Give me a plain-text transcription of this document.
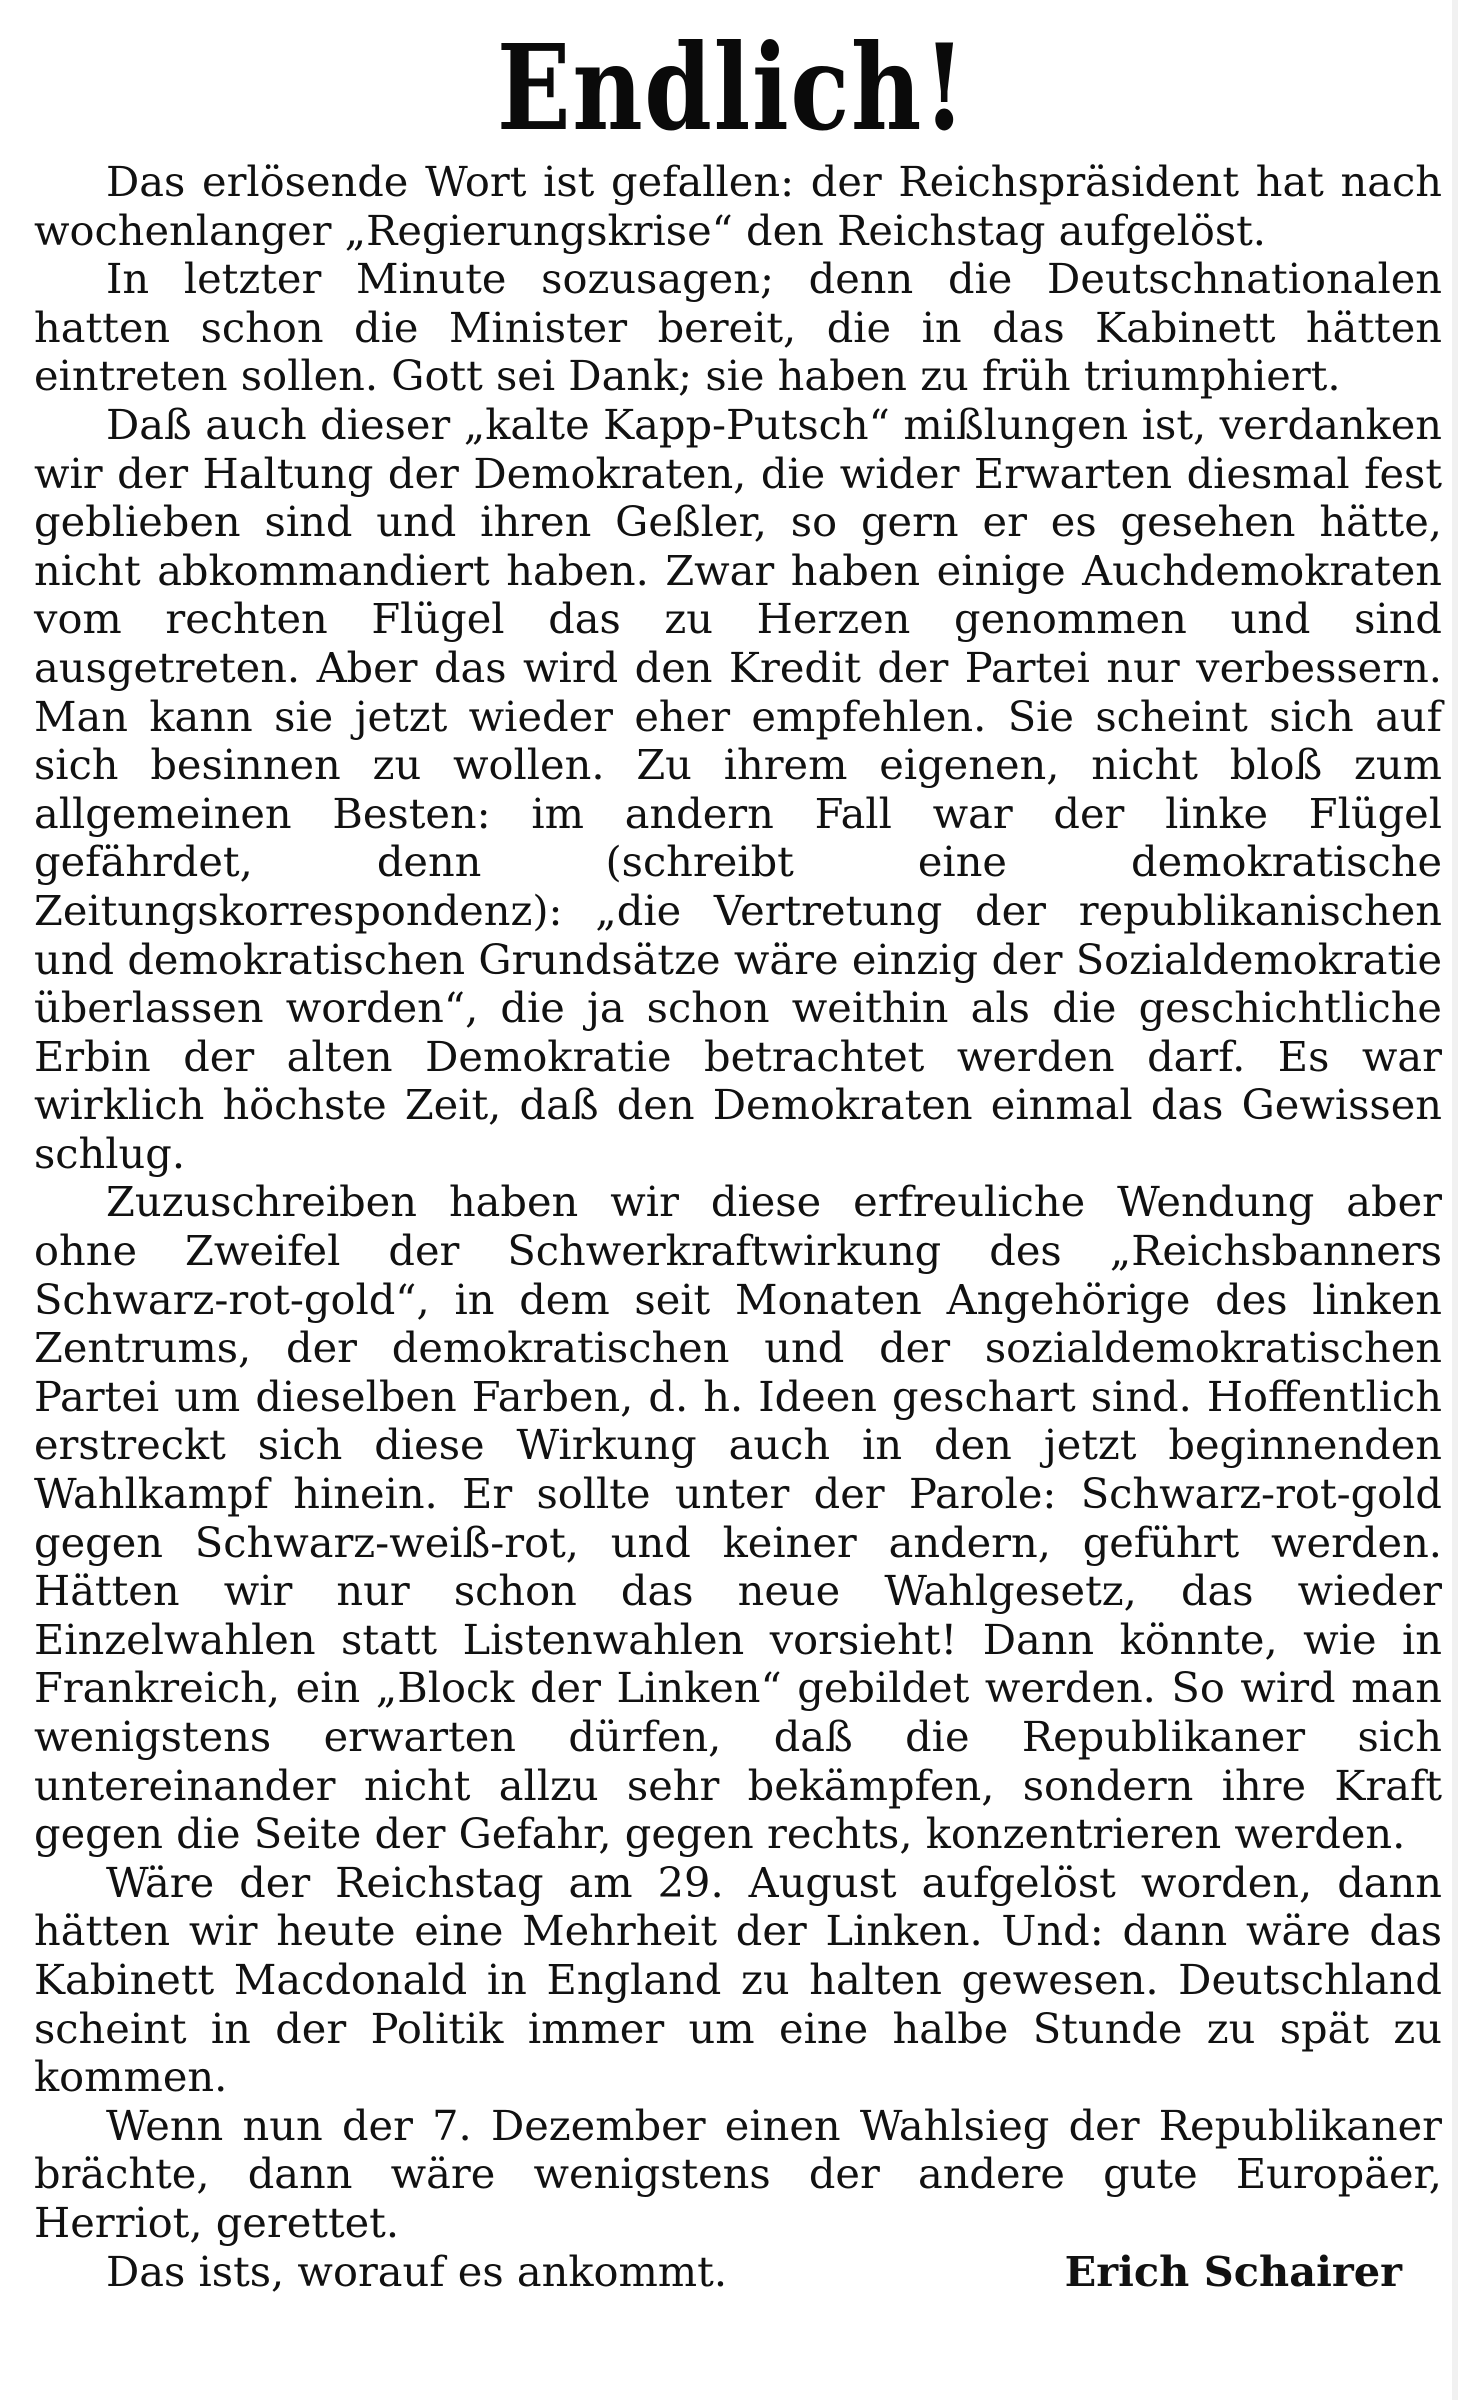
Endlich!

Das erlösende Wort ist gefallen: der Reichspräsident hat nach wochenlanger „Regierungskrise“ den Reichstag aufgelöst.

In letzter Minute sozusagen; denn die Deutschnationalen hatten schon die Minister bereit, die in das Kabinett hätten eintreten sollen. Gott sei Dank; sie haben zu früh triumphiert.

Daß auch dieser „kalte Kapp-Putsch“ mißlungen ist, verdanken wir der Haltung der Demokraten, die wider Erwarten diesmal fest geblieben sind und ihren Geßler, so gern er es gesehen hätte, nicht abkommandiert haben. Zwar haben einige Auchdemokraten vom rechten Flügel das zu Herzen genommen und sind ausgetreten. Aber das wird den Kredit der Partei nur verbessern. Man kann sie jetzt wieder eher empfehlen. Sie scheint sich auf sich besinnen zu wollen. Zu ihrem eigenen, nicht bloß zum allgemeinen Besten: im andern Fall war der linke Flügel gefährdet, denn (schreibt eine demokratische Zeitungskorrespondenz): „die Vertretung der republikanischen und demokratischen Grundsätze wäre einzig der Sozialdemokratie überlassen worden“, die ja schon weithin als die geschichtliche Erbin der alten Demokratie betrachtet werden darf. Es war wirklich höchste Zeit, daß den Demokraten einmal das Gewissen schlug.

Zuzuschreiben haben wir diese erfreuliche Wendung aber ohne Zweifel der Schwerkraftwirkung des „Reichsbanners Schwarz-rot-gold“, in dem seit Monaten Angehörige des linken Zentrums, der demokratischen und der sozialdemokratischen Partei um dieselben Farben, d. h. Ideen geschart sind. Hoffentlich erstreckt sich diese Wirkung auch in den jetzt beginnenden Wahlkampf hinein. Er sollte unter der Parole: Schwarz-rot-gold gegen Schwarz-weiß-rot, und keiner andern, geführt werden. Hätten wir nur schon das neue Wahlgesetz, das wieder Einzelwahlen statt Listenwahlen vorsieht! Dann könnte, wie in Frankreich, ein „Block der Linken“ gebildet werden. So wird man wenigstens erwarten dürfen, daß die Republikaner sich untereinander nicht allzu sehr bekämpfen, sondern ihre Kraft gegen die Seite der Gefahr, gegen rechts, konzentrieren werden.

Wäre der Reichstag am 29. August aufgelöst worden, dann hätten wir heute eine Mehrheit der Linken. Und: dann wäre das Kabinett Macdonald in England zu halten gewesen. Deutschland scheint in der Politik immer um eine halbe Stunde zu spät zu kommen.

Wenn nun der 7. Dezember einen Wahlsieg der Republikaner brächte, dann wäre wenigstens der andere gute Europäer, Herriot, gerettet.

Das ists, worauf es ankommt.	Erich Schairer
